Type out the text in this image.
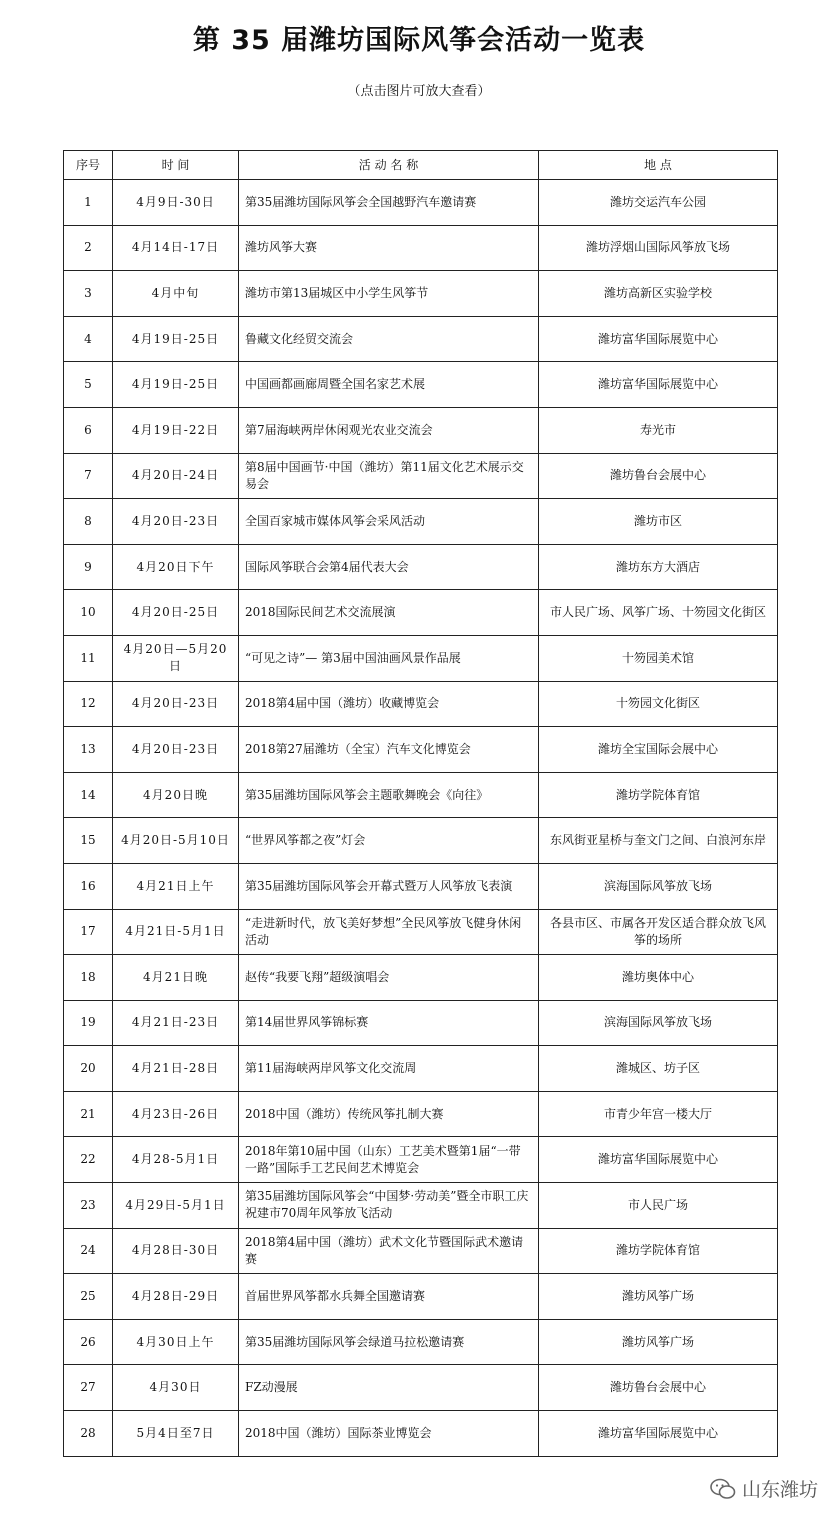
第 35 届潍坊国际风筝会活动一览表
（点击图片可放大查看）
序号	时 间	活 动 名 称	地 点
1	4月9日-30日	第35届潍坊国际风筝会全国越野汽车邀请赛	潍坊交运汽车公园
2	4月14日-17日	潍坊风筝大赛	潍坊浮烟山国际风筝放飞场
3	4月中旬	潍坊市第13届城区中小学生风筝节	潍坊高新区实验学校
4	4月19日-25日	鲁藏文化经贸交流会	潍坊富华国际展览中心
5	4月19日-25日	中国画都画廊周暨全国名家艺术展	潍坊富华国际展览中心
6	4月19日-22日	第7届海峡两岸休闲观光农业交流会	寿光市
7	4月20日-24日	第8届中国画节·中国（潍坊）第11届文化艺术展示交易会	潍坊鲁台会展中心
8	4月20日-23日	全国百家城市媒体风筝会采风活动	潍坊市区
9	4月20日下午	国际风筝联合会第4届代表大会	潍坊东方大酒店
10	4月20日-25日	2018国际民间艺术交流展演	市人民广场、风筝广场、十笏园文化街区
11	4月20日—5月20日	“可见之诗”— 第3届中国油画风景作品展	十笏园美术馆
12	4月20日-23日	2018第4届中国（潍坊）收藏博览会	十笏园文化街区
13	4月20日-23日	2018第27届潍坊（全宝）汽车文化博览会	潍坊全宝国际会展中心
14	4月20日晚	第35届潍坊国际风筝会主题歌舞晚会《向往》	潍坊学院体育馆
15	4月20日-5月10日	“世界风筝都之夜”灯会	东风街亚星桥与奎文门之间、白浪河东岸
16	4月21日上午	第35届潍坊国际风筝会开幕式暨万人风筝放飞表演	滨海国际风筝放飞场
17	4月21日-5月1日	“走进新时代，放飞美好梦想”全民风筝放飞健身休闲活动	各县市区、市属各开发区适合群众放飞风筝的场所
18	4月21日晚	赵传“我要飞翔”超级演唱会	潍坊奥体中心
19	4月21日-23日	第14届世界风筝锦标赛	滨海国际风筝放飞场
20	4月21日-28日	第11届海峡两岸风筝文化交流周	潍城区、坊子区
21	4月23日-26日	2018中国（潍坊）传统风筝扎制大赛	市青少年宫一楼大厅
22	4月28-5月1日	2018年第10届中国（山东）工艺美术暨第1届“一带一路”国际手工艺民间艺术博览会	潍坊富华国际展览中心
23	4月29日-5月1日	第35届潍坊国际风筝会“中国梦·劳动美”暨全市职工庆祝建市70周年风筝放飞活动	市人民广场
24	4月28日-30日	2018第4届中国（潍坊）武术文化节暨国际武术邀请赛	潍坊学院体育馆
25	4月28日-29日	首届世界风筝都水兵舞全国邀请赛	潍坊风筝广场
26	4月30日上午	第35届潍坊国际风筝会绿道马拉松邀请赛	潍坊风筝广场
27	4月30日	FZ动漫展	潍坊鲁台会展中心
28	5月4日至7日	2018中国（潍坊）国际茶业博览会	潍坊富华国际展览中心
山东潍坊
